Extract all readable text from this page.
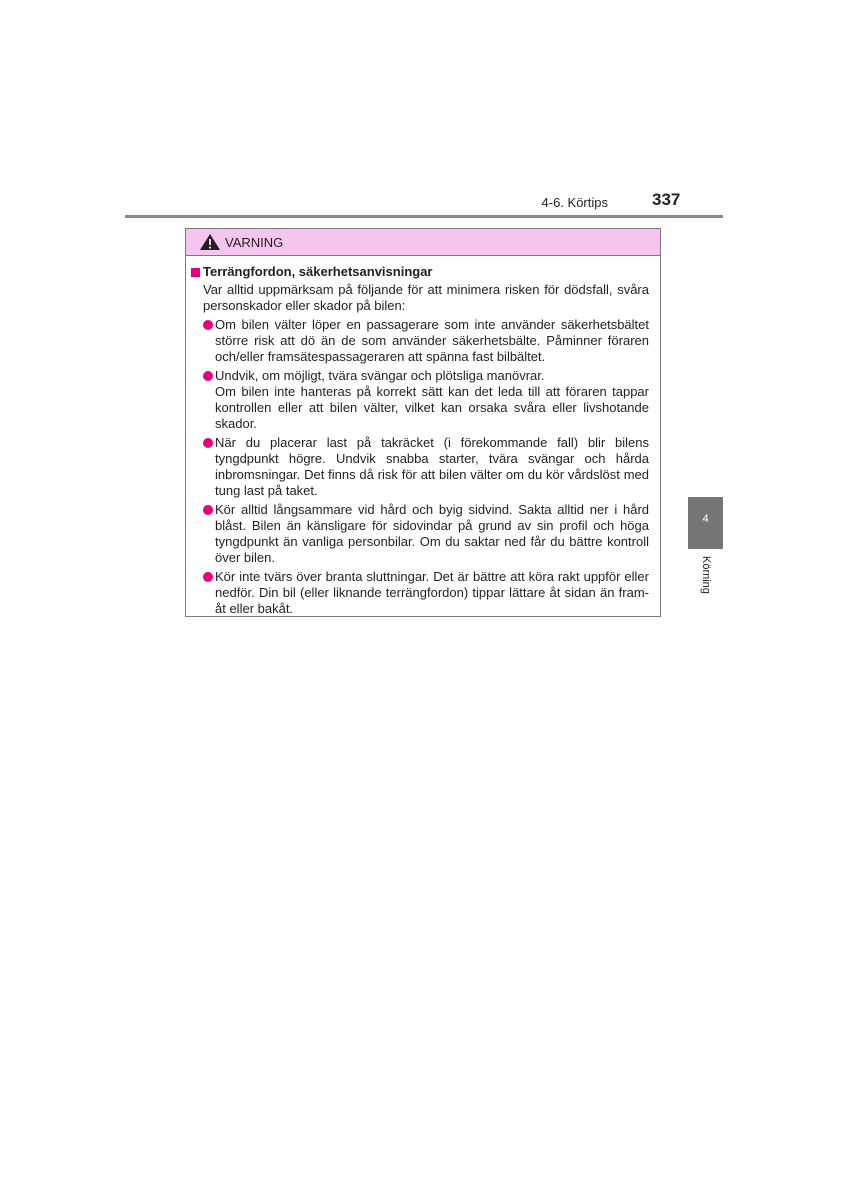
4-6. Körtips	337
4
Körning
VARNING
Terrängfordon, säkerhetsanvisningar
Var alltid uppmärksam på följande för att minimera risken för dödsfall, svåra personskador eller skador på bilen:
Om bilen välter löper en passagerare som inte använder säkerhetsbältet större risk att dö än de som använder säkerhetsbälte. Påminner föraren och/eller framsätespassageraren att spänna fast bilbältet.
Undvik, om möjligt, tvära svängar och plötsliga manövrar.
Om bilen inte hanteras på korrekt sätt kan det leda till att föraren tappar kontrollen eller att bilen välter, vilket kan orsaka svåra eller livshotande skador.
När du placerar last på takräcket (i förekommande fall) blir bilens tyngdpunkt högre. Undvik snabba starter, tvära svängar och hårda inbromsningar. Det finns då risk för att bilen välter om du kör vårdslöst med tung last på taket.
Kör alltid långsammare vid hård och byig sidvind. Sakta alltid ner i hård blåst. Bilen än känsligare för sidovindar på grund av sin profil och höga tyngdpunkt än vanliga personbilar. Om du saktar ned får du bättre kontroll över bilen.
Kör inte tvärs över branta sluttningar. Det är bättre att köra rakt uppför eller nedför. Din bil (eller liknande terrängfordon) tippar lättare åt sidan än fram-åt eller bakåt.
